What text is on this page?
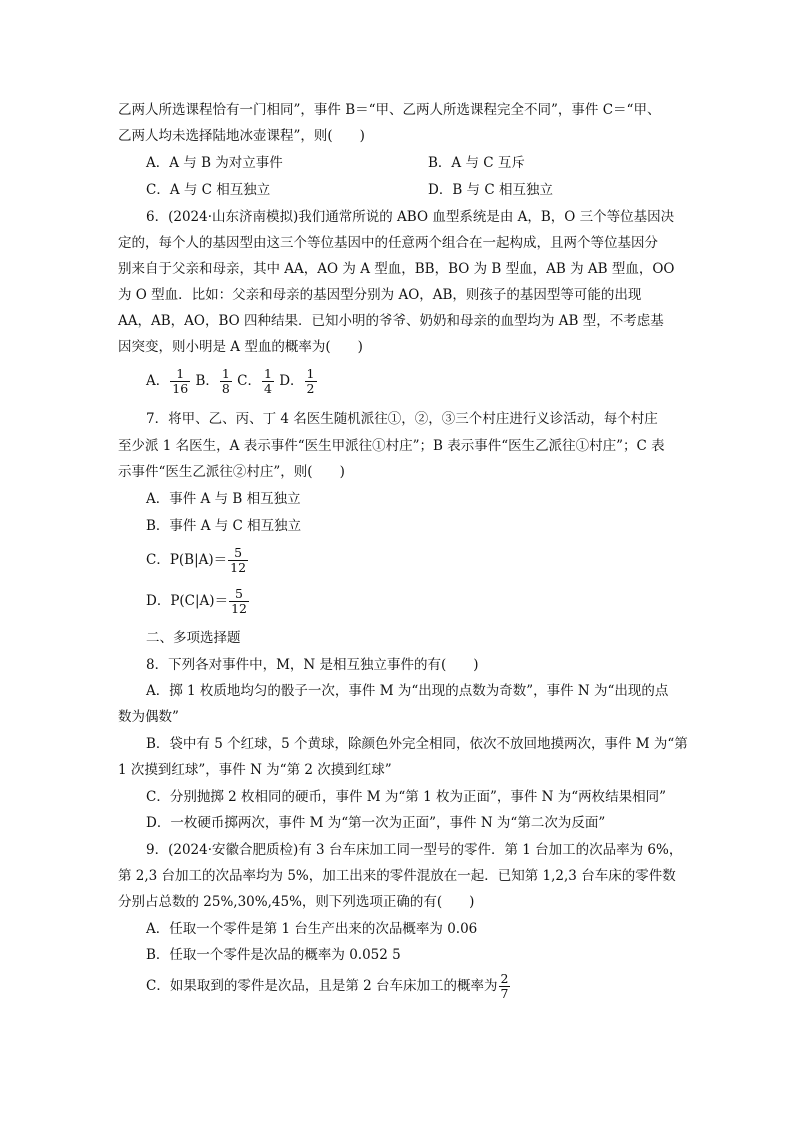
乙两人所选课程恰有一门相同”，事件 B＝“甲、乙两人所选课程完全不同”，事件 C＝“甲、
乙两人均未选择陆地冰壶课程”，则(　　)
A．A 与 B 为对立事件	B．A 与 C 互斥
C．A 与 C 相互独立	D．B 与 C 相互独立
6．(2024·山东济南模拟)我们通常所说的 ABO 血型系统是由 A，B，O 三个等位基因决
定的，每个人的基因型由这三个等位基因中的任意两个组合在一起构成，且两个等位基因分
别来自于父亲和母亲，其中 AA，AO 为 A 型血，BB，BO 为 B 型血，AB 为 AB 型血，OO
为 O 型血．比如：父亲和母亲的基因型分别为 AO，AB，则孩子的基因型等可能的出现
AA，AB，AO，BO 四种结果．已知小明的爷爷、奶奶和母亲的血型均为 AB 型，不考虑基
因突变，则小明是 A 型血的概率为(　　)
A． $\frac{1}{16}$ B． $\frac{1}{8}$ C． $\frac{1}{4}$ D． $\frac{1}{2}$
7．将甲、乙、丙、丁 4 名医生随机派往①，②，③三个村庄进行义诊活动，每个村庄
至少派 1 名医生，A 表示事件“医生甲派往①村庄”；B 表示事件“医生乙派往①村庄”；C 表
示事件“医生乙派往②村庄”，则(　　)
A．事件 A 与 B 相互独立
B．事件 A 与 C 相互独立
C．$P(B|A)= \frac{5}{12}$
D．$P(C|A)= \frac{5}{12}$
二、多项选择题
8．下列各对事件中，M，N 是相互独立事件的有(　　)
A．掷 1 枚质地均匀的骰子一次，事件 M 为“出现的点数为奇数”，事件 N 为“出现的点
数为偶数”
B．袋中有 5 个红球，5 个黄球，除颜色外完全相同，依次不放回地摸两次，事件 M 为“第
1 次摸到红球”，事件 N 为“第 2 次摸到红球”
C．分别抛掷 2 枚相同的硬币，事件 M 为“第 1 枚为正面”，事件 N 为“两枚结果相同”
D．一枚硬币掷两次，事件 M 为“第一次为正面”，事件 N 为“第二次为反面”
9．(2024·安徽合肥质检)有 3 台车床加工同一型号的零件．第 1 台加工的次品率为 6%，
第 2,3 台加工的次品率均为 5%，加工出来的零件混放在一起．已知第 1,2,3 台车床的零件数
分别占总数的 25%,30%,45%，则下列选项正确的有(　　)
A．任取一个零件是第 1 台生产出来的次品概率为 0.06
B．任取一个零件是次品的概率为 0.052 5
C．如果取到的零件是次品，且是第 2 台车床加工的概率为 $\frac{2}{7}$
